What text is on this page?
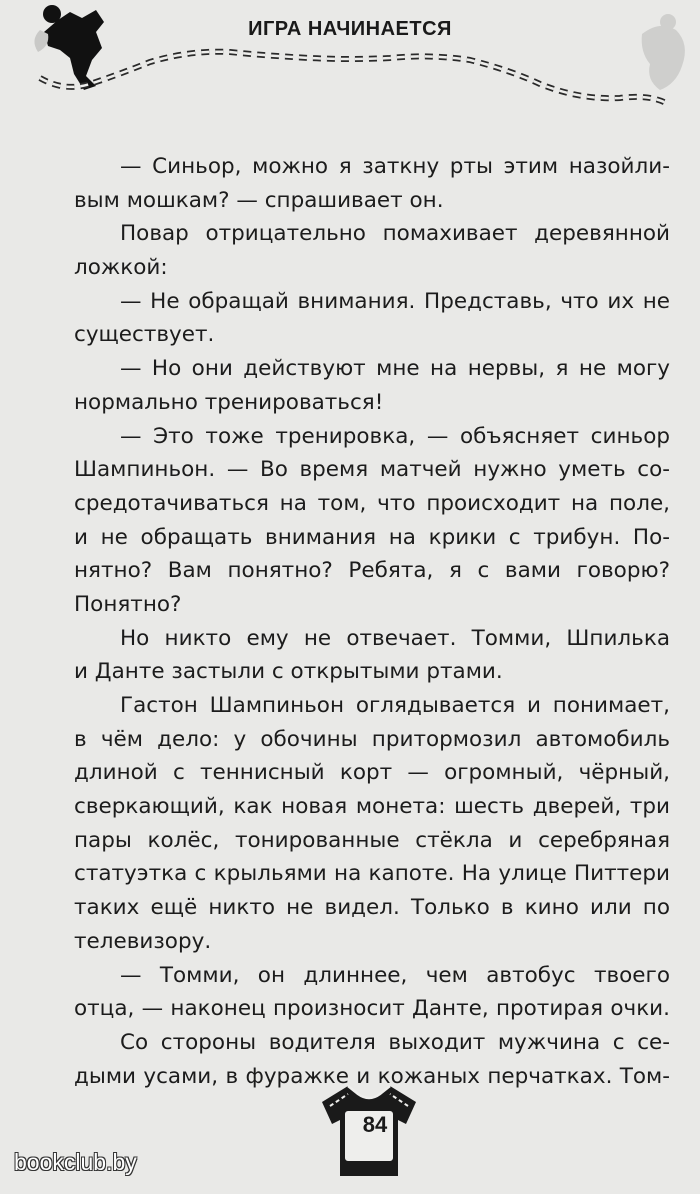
ИГРА НАЧИНАЕТСЯ
— Синьор, можно я заткну рты этим назойли-
вым мошкам? — спрашивает он.
Повар отрицательно помахивает деревянной
ложкой:
— Не обращай внимания. Представь, что их не
существует.
— Но они действуют мне на нервы, я не могу
нормально тренироваться!
— Это тоже тренировка, — объясняет синьор
Шампиньон. — Во время матчей нужно уметь со-
средотачиваться на том, что происходит на поле,
и не обращать внимания на крики с трибун. По-
нятно? Вам понятно? Ребята, я с вами говорю?
Понятно?
Но никто ему не отвечает. Томми, Шпилька
и Данте застыли с открытыми ртами.
Гастон Шампиньон оглядывается и понимает,
в чём дело: у обочины притормозил автомобиль
длиной с теннисный корт — огромный, чёрный,
сверкающий, как новая монета: шесть дверей, три
пары колёс, тонированные стёкла и серебряная
статуэтка с крыльями на капоте. На улице Питтери
таких ещё никто не видел. Только в кино или по
телевизору.
— Томми, он длиннее, чем автобус твоего
отца, — наконец произносит Данте, протирая очки.
Со стороны водителя выходит мужчина с се-
дыми усами, в фуражке и кожаных перчатках. Том-
84
bookclub.by
